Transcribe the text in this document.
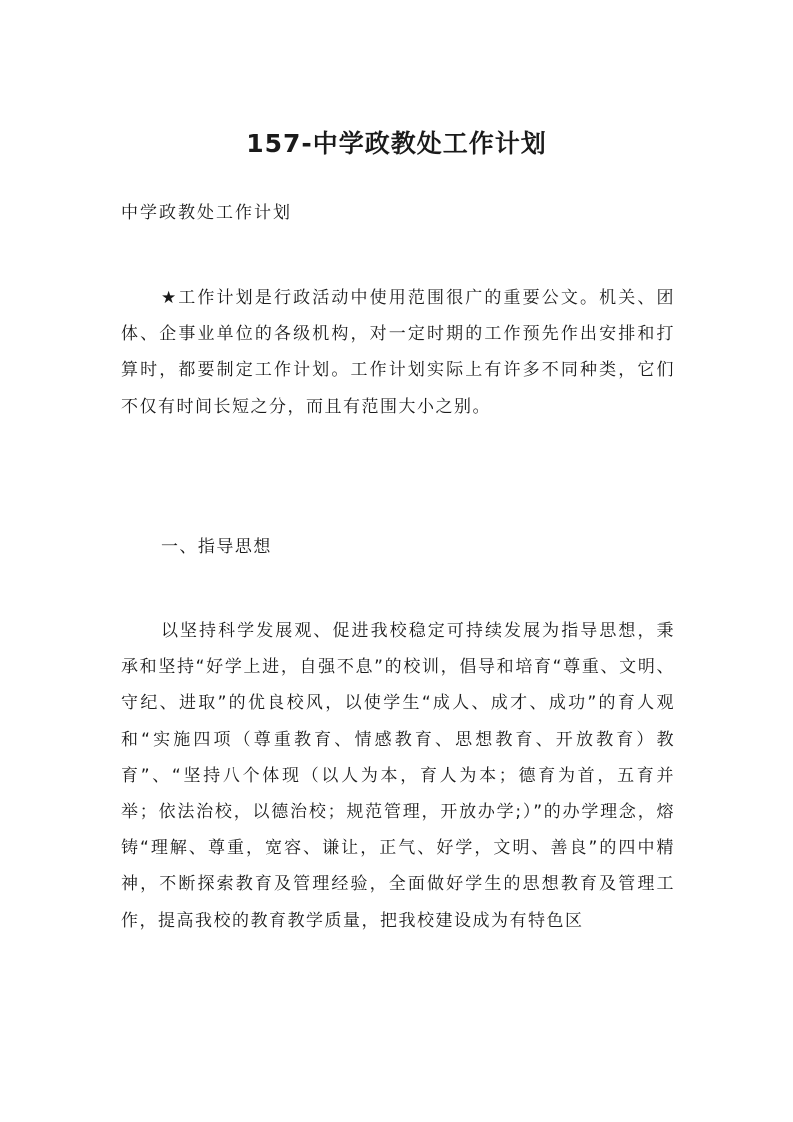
157-中学政教处工作计划

中学政教处工作计划

★工作计划是行政活动中使用范围很广的重要公文。机关、团体、企事业单位的各级机构，对一定时期的工作预先作出安排和打算时，都要制定工作计划。工作计划实际上有许多不同种类，它们不仅有时间长短之分，而且有范围大小之别。

一、指导思想

以坚持科学发展观、促进我校稳定可持续发展为指导思想，秉承和坚持“好学上进，自强不息”的校训，倡导和培育“尊重、文明、守纪、进取”的优良校风，以使学生“成人、成才、成功”的育人观和“实施四项（尊重教育、情感教育、思想教育、开放教育）教育”、“坚持八个体现（以人为本，育人为本；德育为首，五育并举；依法治校，以德治校；规范管理，开放办学;）”的办学理念，熔铸“理解、尊重，宽容、谦让，正气、好学，文明、善良”的四中精神，不断探索教育及管理经验，全面做好学生的思想教育及管理工作，提高我校的教育教学质量，把我校建设成为有特色区
